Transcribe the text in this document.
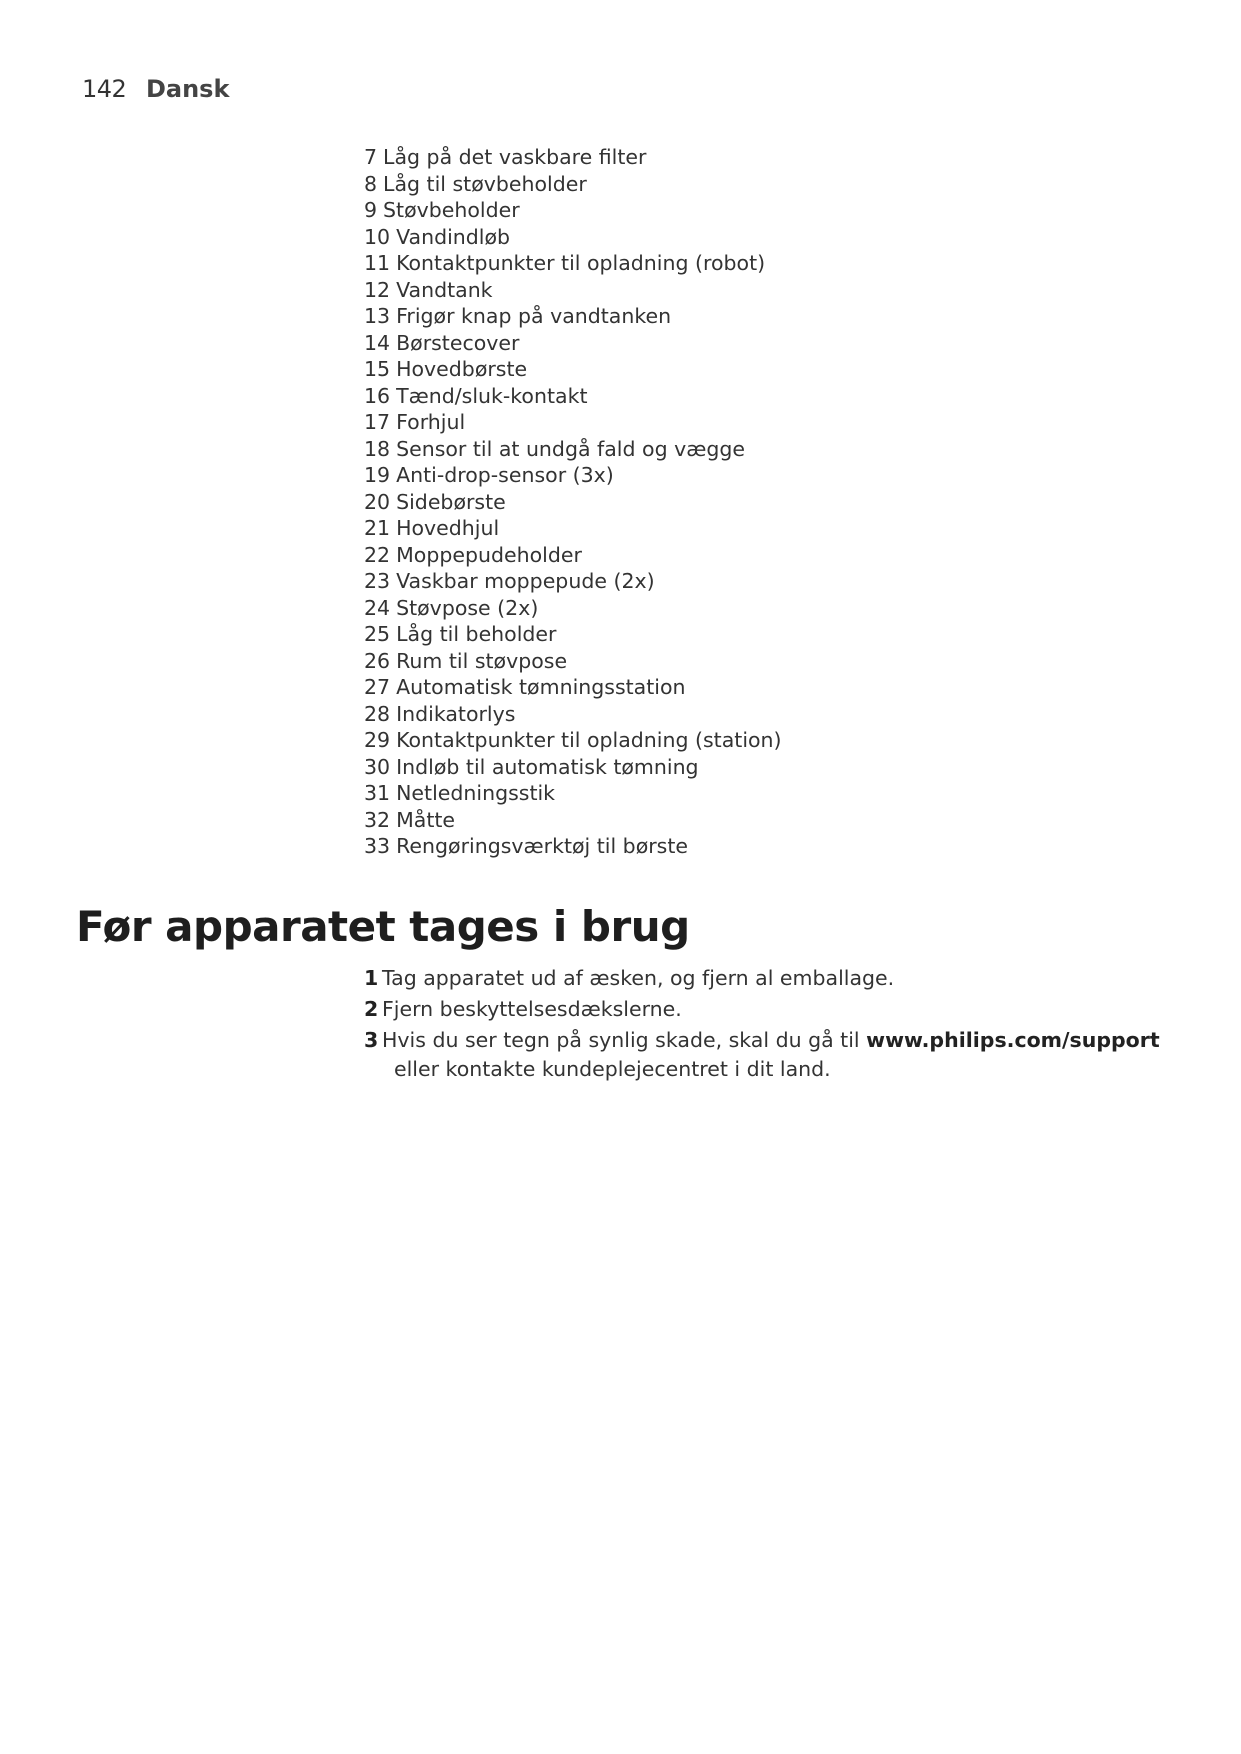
142 Dansk
7 Låg på det vaskbare filter
8 Låg til støvbeholder
9 Støvbeholder
10 Vandindløb
11 Kontaktpunkter til opladning (robot)
12 Vandtank
13 Frigør knap på vandtanken
14 Børstecover
15 Hovedbørste
16 Tænd/sluk-kontakt
17 Forhjul
18 Sensor til at undgå fald og vægge
19 Anti-drop-sensor (3x)
20 Sidebørste
21 Hovedhjul
22 Moppepudeholder
23 Vaskbar moppepude (2x)
24 Støvpose (2x)
25 Låg til beholder
26 Rum til støvpose
27 Automatisk tømningsstation
28 Indikatorlys
29 Kontaktpunkter til opladning (station)
30 Indløb til automatisk tømning
31 Netledningsstik
32 Måtte
33 Rengøringsværktøj til børste
Før apparatet tages i brug
1 Tag apparatet ud af æsken, og fjern al emballage.
2 Fjern beskyttelsesdækslerne.
3 Hvis du ser tegn på synlig skade, skal du gå til www.philips.com/support
eller kontakte kundeplejecentret i dit land.
